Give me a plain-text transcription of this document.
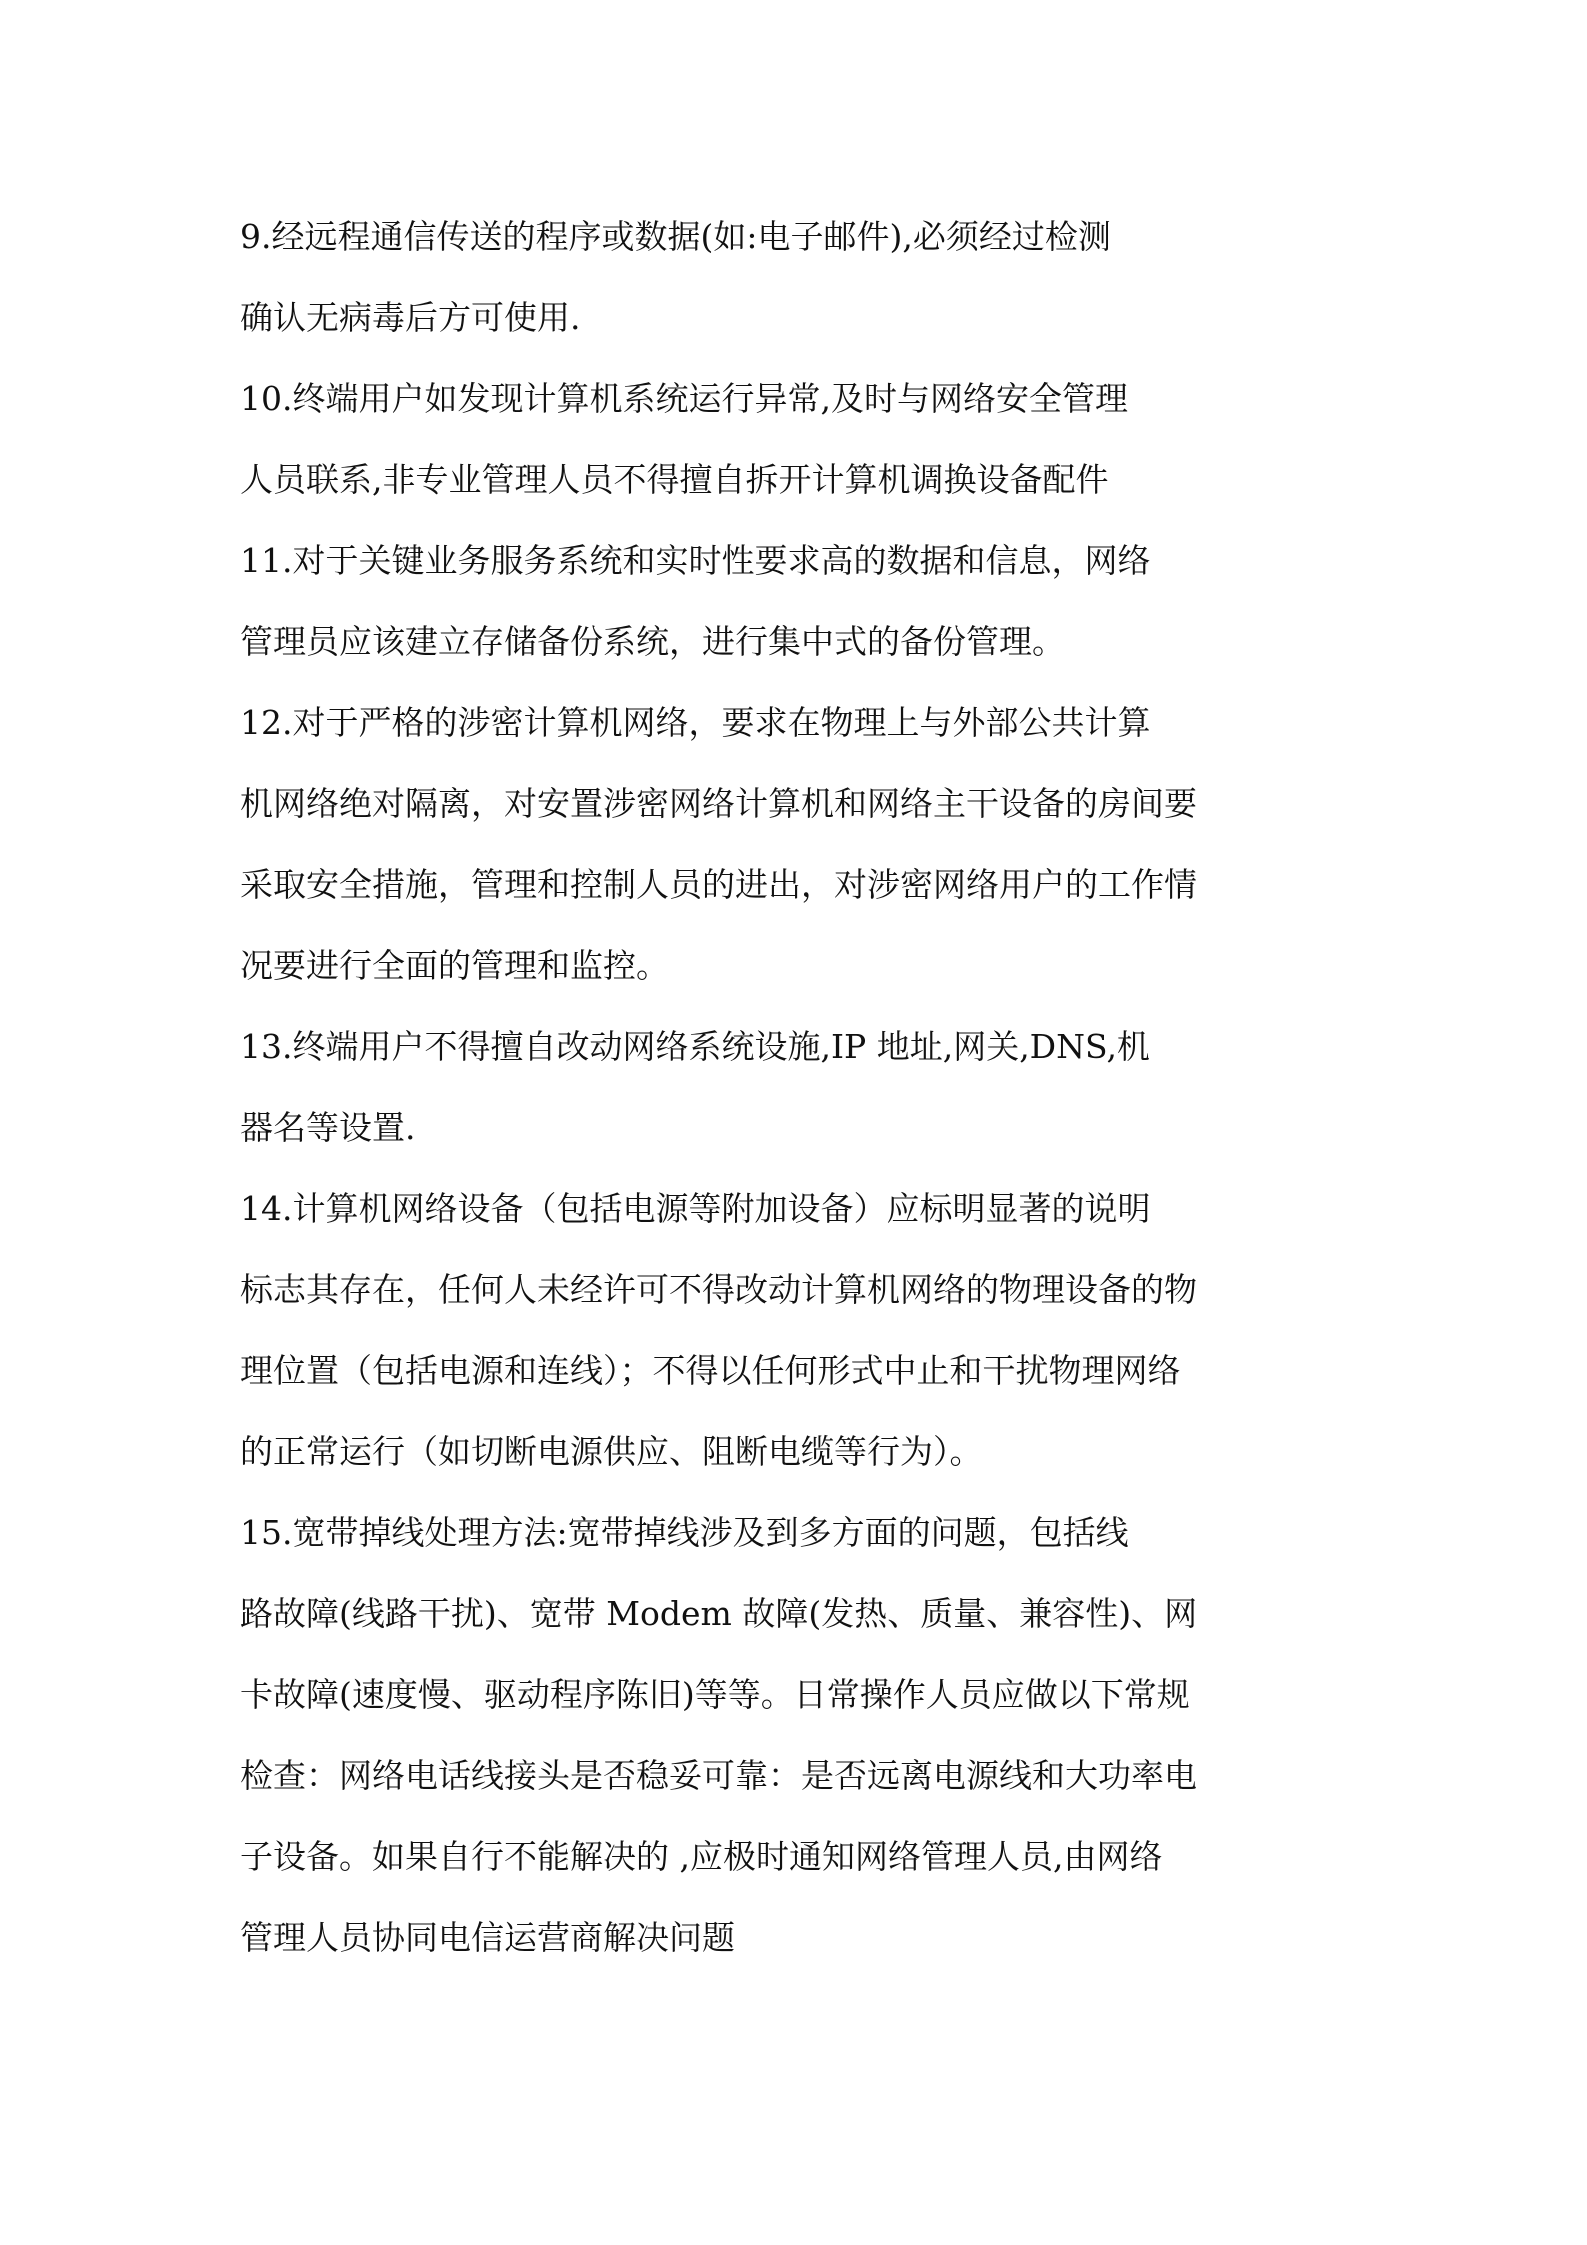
9.经远程通信传送的程序或数据(如:电子邮件),必须经过检测

确认无病毒后方可使用.

10.终端用户如发现计算机系统运行异常,及时与网络安全管理

人员联系,非专业管理人员不得擅自拆开计算机调换设备配件

11.对于关键业务服务系统和实时性要求高的数据和信息，网络

管理员应该建立存储备份系统，进行集中式的备份管理。

12.对于严格的涉密计算机网络，要求在物理上与外部公共计算

机网络绝对隔离，对安置涉密网络计算机和网络主干设备的房间要

采取安全措施，管理和控制人员的进出，对涉密网络用户的工作情

况要进行全面的管理和监控。

13.终端用户不得擅自改动网络系统设施,IP 地址,网关,DNS,机

器名等设置.

14.计算机网络设备（包括电源等附加设备）应标明显著的说明

标志其存在，任何人未经许可不得改动计算机网络的物理设备的物

理位置（包括电源和连线）；不得以任何形式中止和干扰物理网络

的正常运行（如切断电源供应、阻断电缆等行为）。

15.宽带掉线处理方法:宽带掉线涉及到多方面的问题，包括线

路故障(线路干扰)、宽带 Modem 故障(发热、质量、兼容性)、网

卡故障(速度慢、驱动程序陈旧)等等。日常操作人员应做以下常规

检查：网络电话线接头是否稳妥可靠：是否远离电源线和大功率电

子设备。如果自行不能解决的 ,应极时通知网络管理人员,由网络

管理人员协同电信运营商解决问题
